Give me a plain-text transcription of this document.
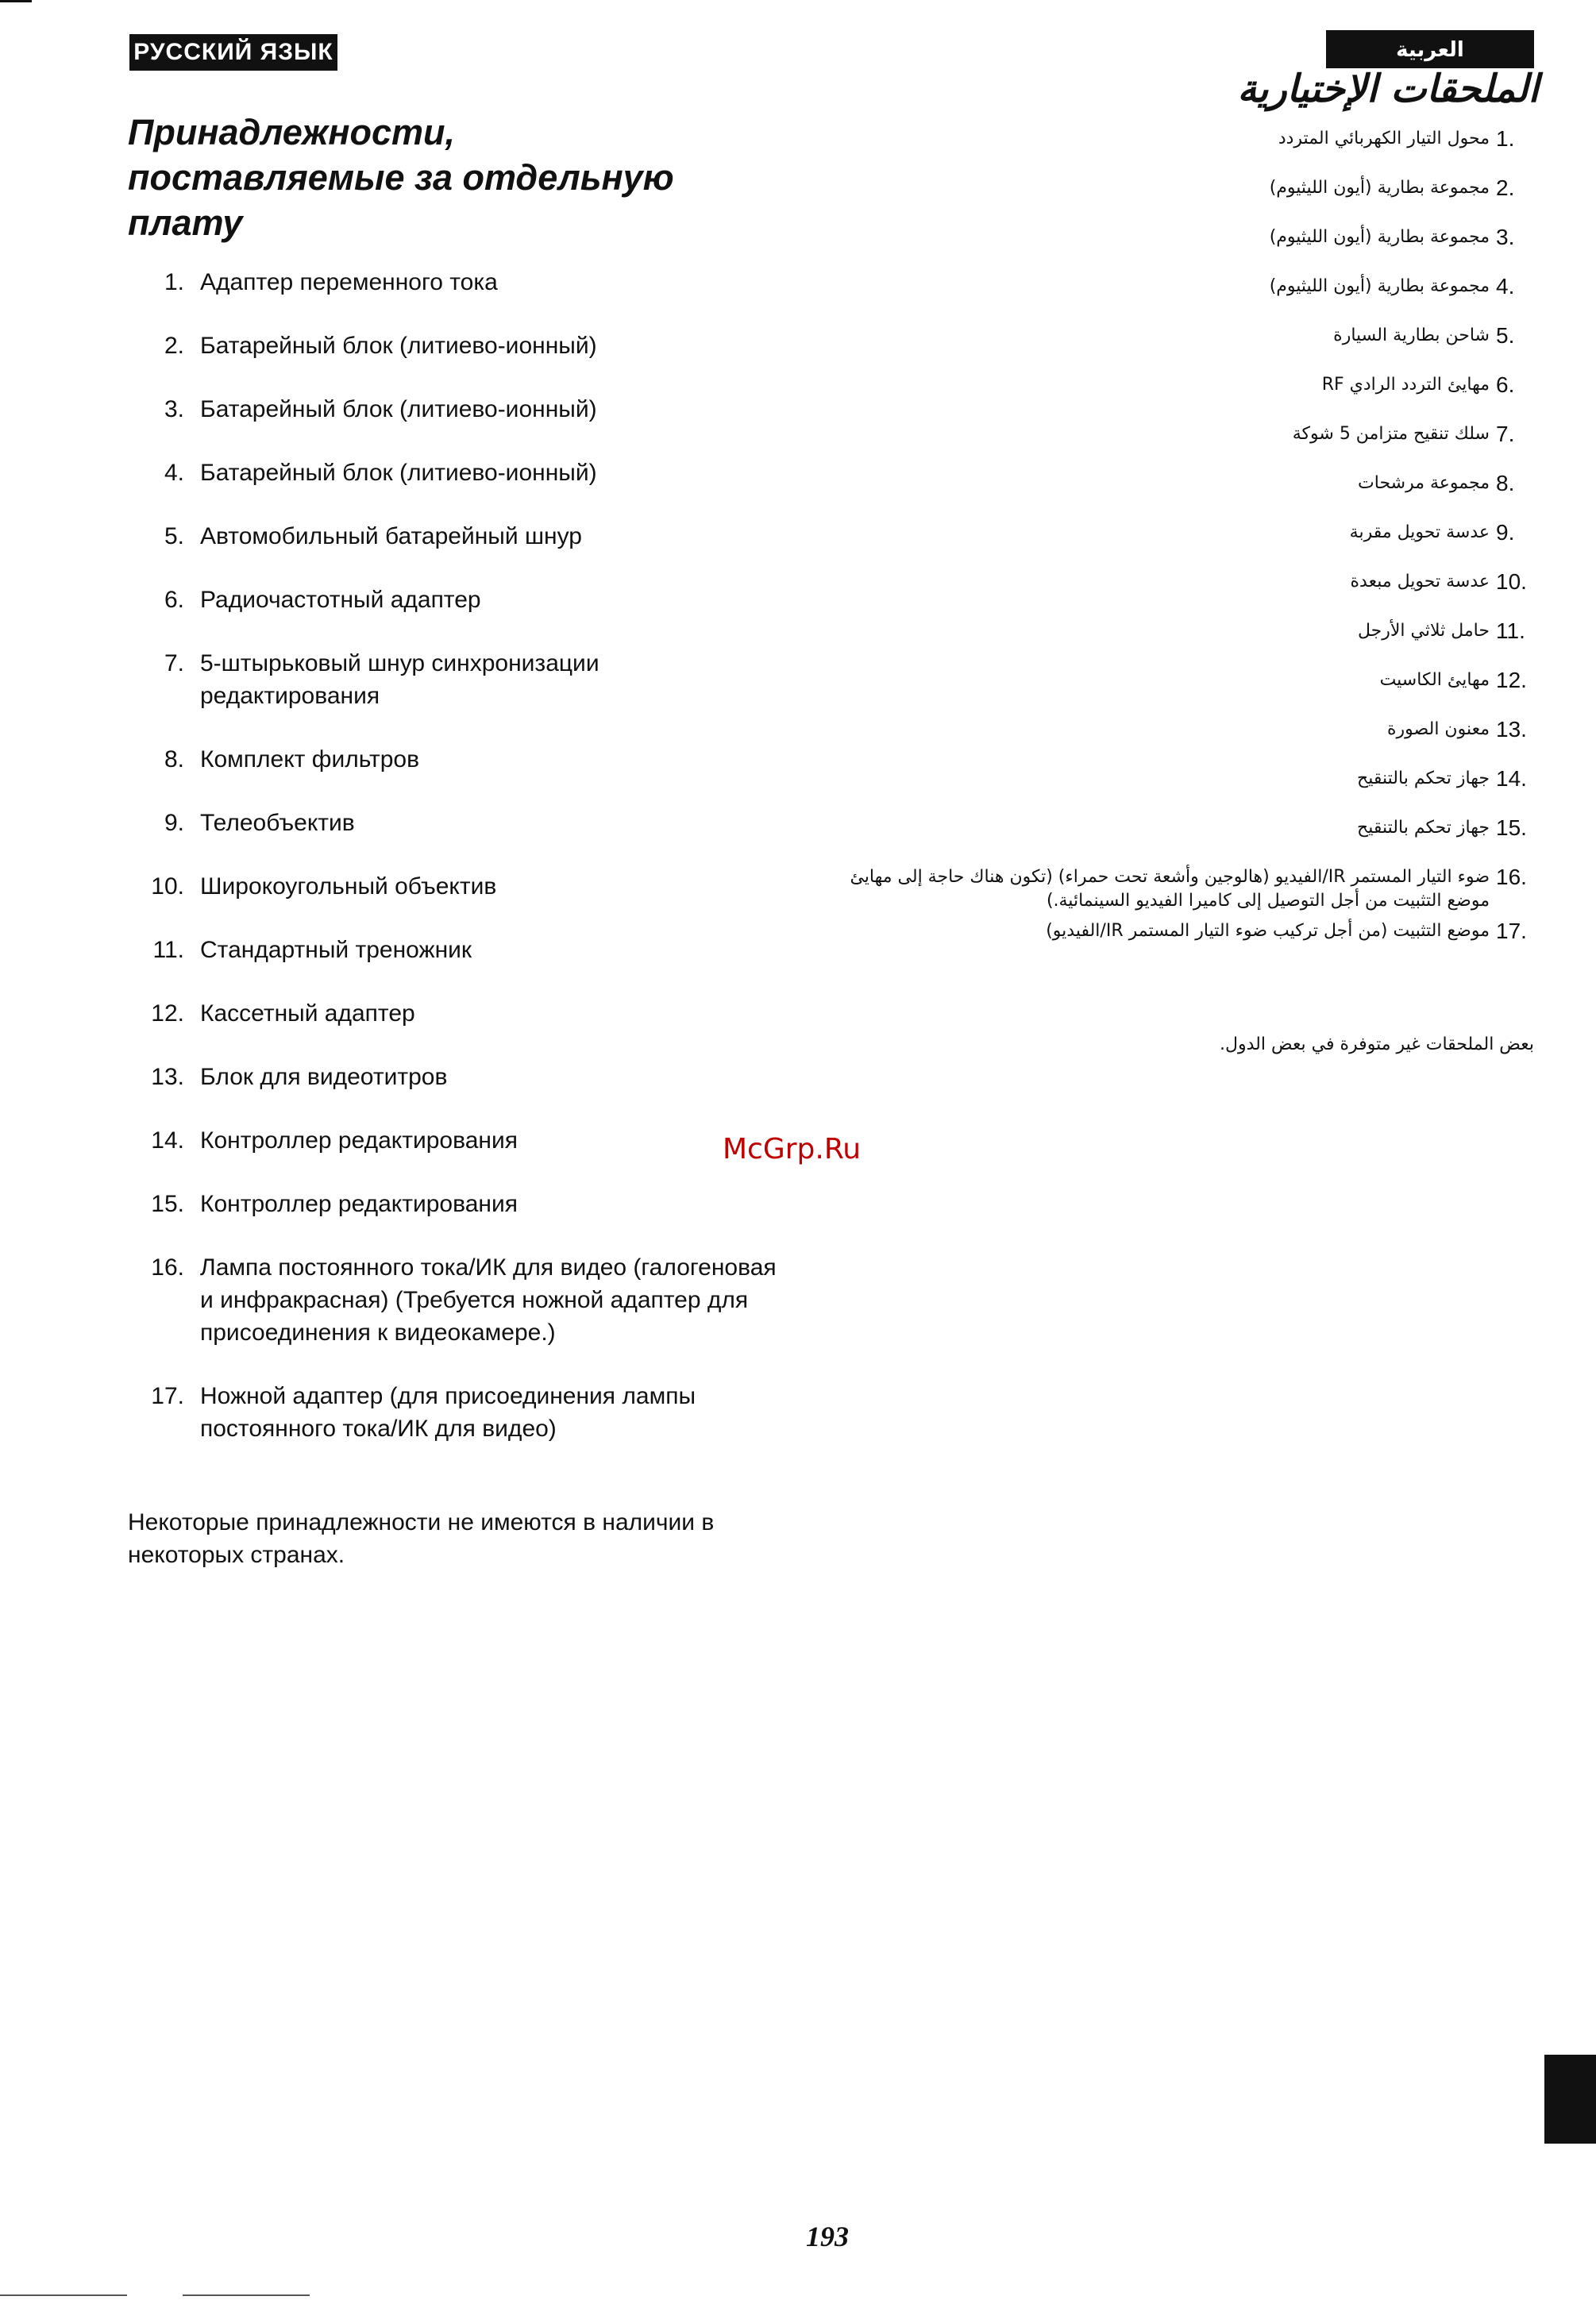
РУССКИЙ ЯЗЫК	العربية
Принадлежности,
поставляемые за отдельную
плату
الملحقات الإختيارية
1. Адаптер переменного тока
2. Батарейный блок (литиево-ионный)
3. Батарейный блок (литиево-ионный)
4. Батарейный блок (литиево-ионный)
5. Автомобильный батарейный шнур
6. Радиочастотный адаптер
7. 5-штырьковый шнур синхронизации редактирования
8. Комплект фильтров
9. Телеобъектив
10. Широкоугольный объектив
11. Стандартный треножник
12. Кассетный адаптер
13. Блок для видеотитров
14. Контроллер редактирования
15. Контроллер редактирования
16. Лампа постоянного тока/ИК для видео (галогеновая и инфракрасная) (Требуется ножной адаптер для присоединения к видеокамере.)
17. Ножной адаптер (для присоединения лампы постоянного тока/ИК для видео)

Некоторые принадлежности не имеются в наличии в некоторых странах.

.1
محول التيار الكهربائي المتردد
.2
مجموعة بطارية (أيون الليثيوم)
.3
مجموعة بطارية (أيون الليثيوم)
.4
مجموعة بطارية (أيون الليثيوم)
.5
شاحن بطارية السيارة
.6
مهايئ التردد الرادي RF
.7
سلك تنقيح متزامن 5 شوكة
.8
مجموعة مرشحات
.9
عدسة تحويل مقربة
.10
عدسة تحويل مبعدة
.11
حامل ثلاثي الأرجل
.12
مهايئ الكاسيت
.13
معنون الصورة
.14
جهاز تحكم بالتنقيح
.15
جهاز تحكم بالتنقيح
.16
ضوء التيار المستمر IR/الفيديو (هالوجين وأشعة تحت حمراء) (تكون هناك حاجة إلى مهايئ موضع التثبيت من أجل التوصيل إلى كاميرا الفيديو السينمائية.)
.17
موضع التثبيت (من أجل تركيب ضوء التيار المستمر IR/الفيديو)

بعض الملحقات غير متوفرة في بعض الدول.

McGrp.Ru
193
